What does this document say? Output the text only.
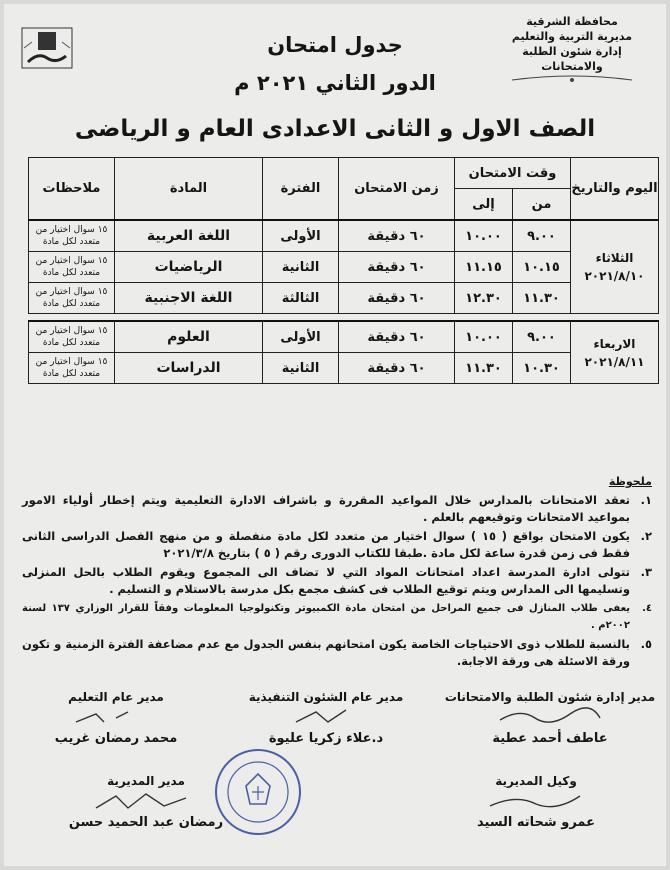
محافظة الشرقية
مديرية التربية والتعليم
إدارة شئون الطلبة والامتحانات
جدول امتحان
الدور الثاني ٢٠٢١ م
الصف الاول و الثانى الاعدادى العام و الرياضى
اليوم والتاريخ	وقت الامتحان		زمن الامتحان	الفترة	المادة	ملاحظات
	من	إلى				

الثلاثاء
٢٠٢١/٨/١٠	٩.٠٠	١٠.٠٠	٦٠ دقيقة	الأولى	اللغة العربية	١٥ سوال اختيار من متعدد لكل مادة
	١٠.١٥	١١.١٥	٦٠ دقيقة	الثانية	الرياضيات	١٥ سوال اختيار من متعدد لكل مادة
	١١.٣٠	١٢.٣٠	٦٠ دقيقة	الثالثة	اللغة الاجنبية	١٥ سوال اختيار من متعدد لكل مادة

الاربعاء
٢٠٢١/٨/١١	٩.٠٠	١٠.٠٠	٦٠ دقيقة	الأولى	العلوم	١٥ سوال اختيار من متعدد لكل مادة
	١٠.٣٠	١١.٣٠	٦٠ دقيقة	الثانية	الدراسات	١٥ سوال اختيار من متعدد لكل مادة
ملحوظة
١.
تعقد الامتحانات بالمدارس خلال المواعيد المقررة و باشراف الادارة التعليمية ويتم إخطار أولياء الامور بمواعيد الامتحانات وتوقيعهم بالعلم .
٢.
يكون الامتحان بواقع ( ١٥ ) سوال اختيار من متعدد لكل مادة منفصلة و من منهج الفصل الدراسى الثانى فقط فى زمن قدرة ساعة لكل مادة .طبقا للكتاب الدورى رقم ( ٥ ) بتاريخ ٢٠٢١/٣/٨
٣.
تتولى ادارة المدرسة اعداد امتحانات المواد التي لا تضاف الى المجموع ويقوم الطلاب بالحل المنزلى وتسليمها الى المدارس ويتم توقيع الطلاب فى كشف مجمع بكل مدرسة بالاستلام و التسليم .
٤.
يعفى طلاب المنازل فى جميع المراحل من امتحان مادة الكمبيوتر وتكنولوجيا المعلومات وفقاً للقرار الوزاري ١٣٧ لسنة ٢٠٠٢م .
٥.
بالنسبة للطلاب ذوى الاحتياجات الخاصة يكون امتحانهم بنفس الجدول مع عدم مضاعفة الفترة الزمنية و تكون ورقة الاسئلة هى ورقة الاجابة.
مدير إدارة شئون الطلبة والامتحانات
عاطف أحمد عطية
مدير عام الشئون التنفيذية
د.علاء زكريا عليوة
مدير عام التعليم
محمد رمضان غريب
وكيل المديرية
عمرو شحاته السيد
مدير المديرية
رمضان عبد الحميد حسن
